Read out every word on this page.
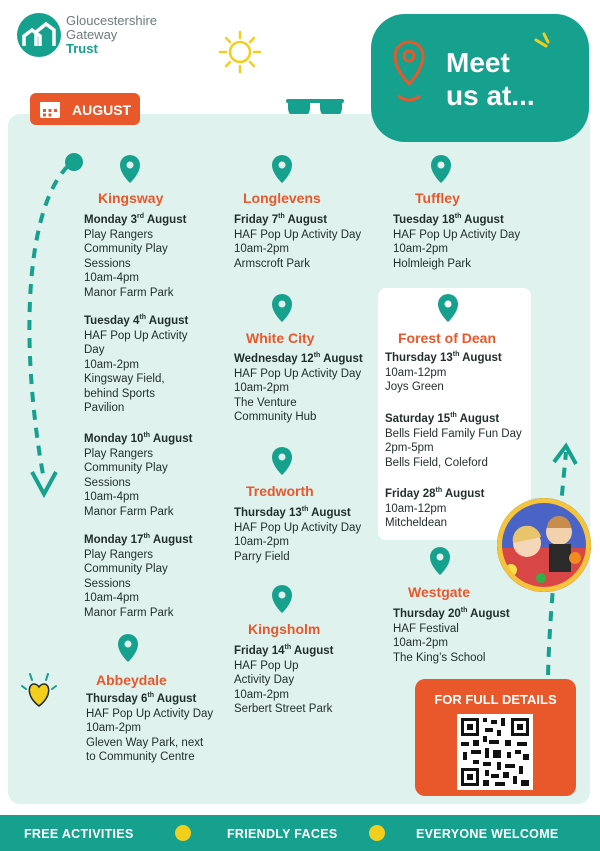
Gloucestershire
Gateway
Trust
AUGUST
Meet
us at...
Kingsway
Abbeydale
Longlevens
White City
Tredworth
Kingsholm
Tuffley
Forest of Dean
Westgate
Monday 3rd August
Play Rangers
Community Play
Sessions
10am-4pm
Manor Farm Park
Tuesday 4th August
HAF Pop Up Activity
Day
10am-2pm
Kingsway Field,
behind Sports
Pavilion
Monday 10th August
Play Rangers
Community Play
Sessions
10am-4pm
Manor Farm Park
Monday 17th August
Play Rangers
Community Play
Sessions
10am-4pm
Manor Farm Park
Thursday 6th August
HAF Pop Up Activity Day
10am-2pm
Gleven Way Park, next
to Community Centre
Friday 7th August
HAF Pop Up Activity Day
10am-2pm
Armscroft Park
Wednesday 12th August
HAF Pop Up Activity Day
10am-2pm
The Venture
Community Hub
Thursday 13th August
HAF Pop Up Activity Day
10am-2pm
Parry Field
Friday 14th August
HAF Pop Up
Activity Day
10am-2pm
Serbert Street Park
Tuesday 18th August
HAF Pop Up Activity Day
10am-2pm
Holmleigh Park
Thursday 13th August
10am-12pm
Joys Green
Saturday 15th August
Bells Field Family Fun Day
2pm-5pm
Bells Field, Coleford
Friday 28th August
10am-12pm
Mitcheldean
Thursday 20th August
HAF Festival
10am-2pm
The King’s School
FOR FULL DETAILS
FREE ACTIVITIES	FRIENDLY FACES	EVERYONE WELCOME
